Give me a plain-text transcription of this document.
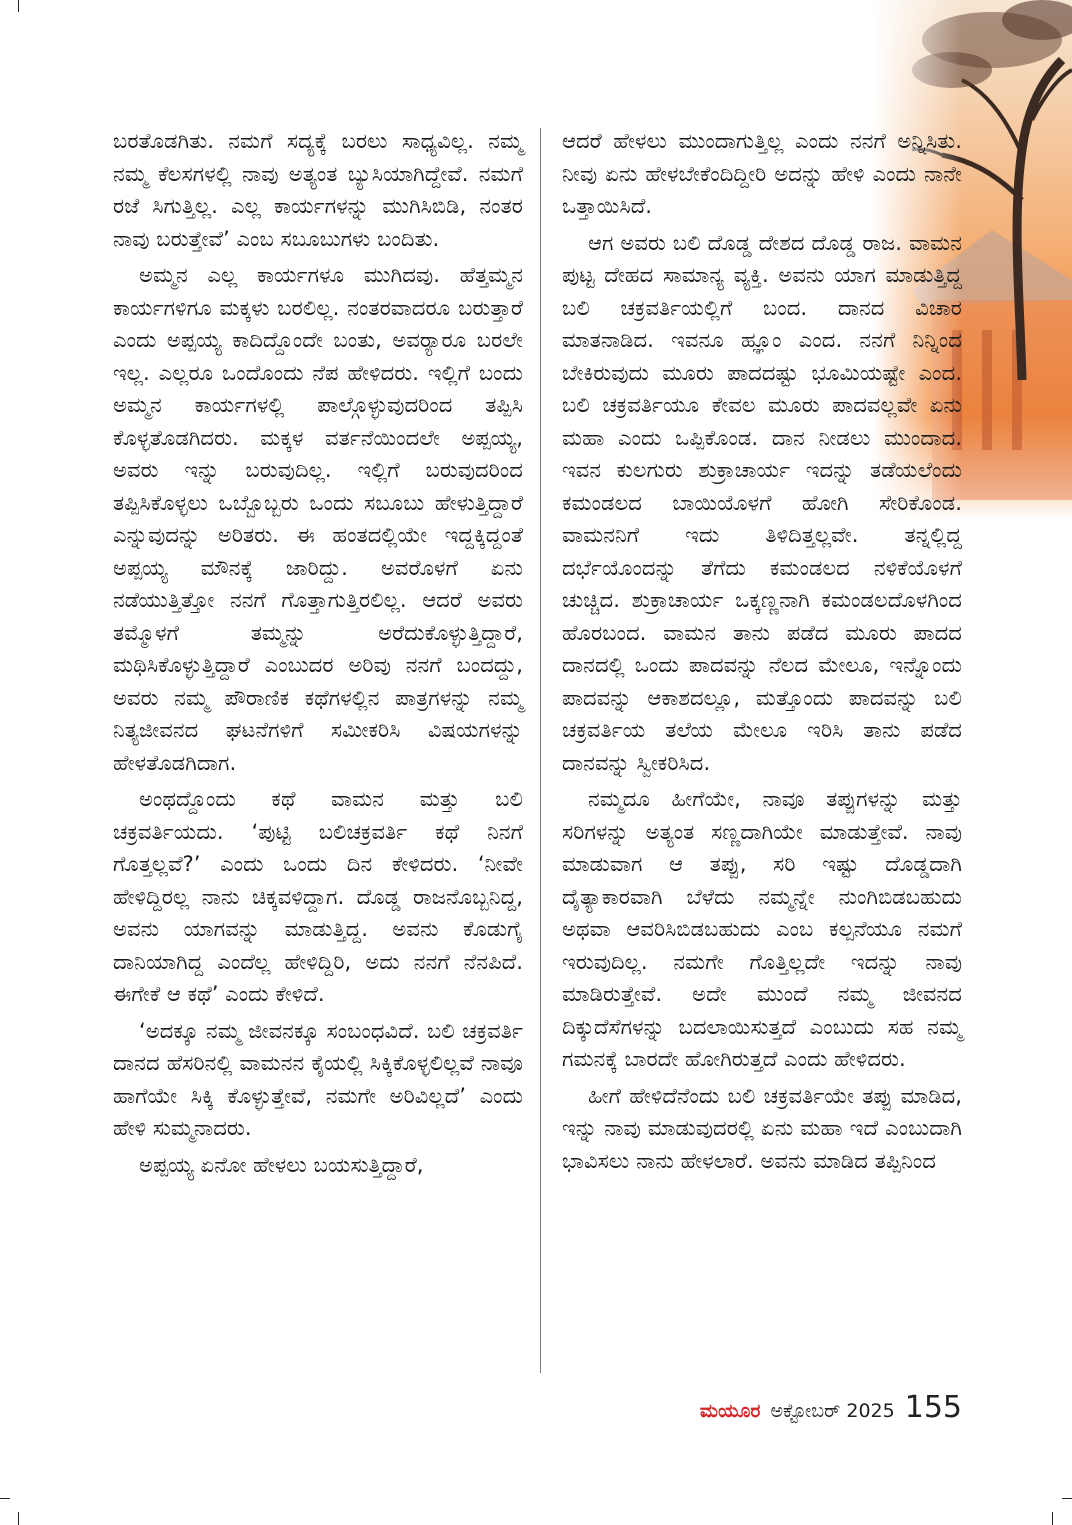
ಬರತೊಡಗಿತು. ನಮಗೆ ಸದ್ಯಕ್ಕೆ ಬರಲು ಸಾಧ್ಯವಿಲ್ಲ. ನಮ್ಮ ನಮ್ಮ ಕೆಲಸಗಳಲ್ಲಿ ನಾವು ಅತ್ಯಂತ ಬ್ಯುಸಿಯಾಗಿದ್ದೇವೆ. ನಮಗೆ ರಜೆ ಸಿಗುತ್ತಿಲ್ಲ. ಎಲ್ಲ ಕಾರ್ಯಗಳನ್ನು ಮುಗಿಸಿಬಿಡಿ, ನಂತರ ನಾವು ಬರುತ್ತೇವೆ’ ಎಂಬ ಸಬೂಬುಗಳು ಬಂದಿತು.

ಅಮ್ಮನ ಎಲ್ಲ ಕಾರ್ಯಗಳೂ ಮುಗಿದವು. ಹೆತ್ತಮ್ಮನ ಕಾರ್ಯಗಳಿಗೂ ಮಕ್ಕಳು ಬರಲಿಲ್ಲ. ನಂತರವಾದರೂ ಬರುತ್ತಾರೆ ಎಂದು ಅಪ್ಪಯ್ಯ ಕಾದಿದ್ದೊಂದೇ ಬಂತು, ಅವರ್‍ಯಾರೂ ಬರಲೇ ಇಲ್ಲ. ಎಲ್ಲರೂ ಒಂದೊಂದು ನೆಪ ಹೇಳಿದರು. ಇಲ್ಲಿಗೆ ಬಂದು ಅಮ್ಮನ ಕಾರ್ಯಗಳಲ್ಲಿ ಪಾಲ್ಗೊಳ್ಳುವುದರಿಂದ ತಪ್ಪಿಸಿ ಕೊಳ್ಳತೊಡಗಿದರು. ಮಕ್ಕಳ ವರ್ತನೆಯಿಂದಲೇ ಅಪ್ಪಯ್ಯ, ಅವರು ಇನ್ನು ಬರುವುದಿಲ್ಲ. ಇಲ್ಲಿಗೆ ಬರುವುದರಿಂದ ತಪ್ಪಿಸಿಕೊಳ್ಳಲು ಒಬ್ಬೊಬ್ಬರು ಒಂದು ಸಬೂಬು ಹೇಳುತ್ತಿದ್ದಾರೆ ಎನ್ನುವುದನ್ನು ಅರಿತರು. ಈ ಹಂತದಲ್ಲಿಯೇ ಇದ್ದಕ್ಕಿದ್ದಂತೆ ಅಪ್ಪಯ್ಯ ಮೌನಕ್ಕೆ ಜಾರಿದ್ದು. ಅವರೊಳಗೆ ಏನು ನಡೆಯುತ್ತಿತ್ತೋ ನನಗೆ ಗೊತ್ತಾಗುತ್ತಿರಲಿಲ್ಲ. ಆದರೆ ಅವರು ತಮ್ಮೊಳಗೆ ತಮ್ಮನ್ನು ಅರೆದುಕೊಳ್ಳುತ್ತಿದ್ದಾರೆ, ಮಥಿಸಿಕೊಳ್ಳುತ್ತಿದ್ದಾರೆ ಎಂಬುದರ ಅರಿವು ನನಗೆ ಬಂದದ್ದು, ಅವರು ನಮ್ಮ ಪೌರಾಣಿಕ ಕಥೆಗಳಲ್ಲಿನ ಪಾತ್ರಗಳನ್ನು ನಮ್ಮ ನಿತ್ಯಜೀವನದ ಘಟನೆಗಳಿಗೆ ಸಮೀಕರಿಸಿ ವಿಷಯಗಳನ್ನು ಹೇಳತೊಡಗಿದಾಗ.

ಅಂಥದ್ದೊಂದು ಕಥೆ ವಾಮನ ಮತ್ತು ಬಲಿ ಚಕ್ರವರ್ತಿಯದು. ‘ಪುಟ್ಟಿ ಬಲಿಚಕ್ರವರ್ತಿ ಕಥೆ ನಿನಗೆ ಗೊತ್ತಲ್ಲವೆ?’ ಎಂದು ಒಂದು ದಿನ ಕೇಳಿದರು. ‘ನೀವೇ ಹೇಳಿದ್ದಿರಲ್ಲ ನಾನು ಚಿಕ್ಕವಳಿದ್ದಾಗ. ದೊಡ್ಡ ರಾಜನೊಬ್ಬನಿದ್ದ, ಅವನು ಯಾಗವನ್ನು ಮಾಡುತ್ತಿದ್ದ. ಅವನು ಕೊಡುಗೈ ದಾನಿಯಾಗಿದ್ದ ಎಂದೆಲ್ಲ ಹೇಳಿದ್ದಿರಿ, ಅದು ನನಗೆ ನೆನಪಿದೆ. ಈಗೇಕೆ ಆ ಕಥೆ’ ಎಂದು ಕೇಳಿದೆ.

‘ಅದಕ್ಕೂ ನಮ್ಮ ಜೀವನಕ್ಕೂ ಸಂಬಂಧವಿದೆ. ಬಲಿ ಚಕ್ರವರ್ತಿ ದಾನದ ಹೆಸರಿನಲ್ಲಿ ವಾಮನನ ಕೈಯಲ್ಲಿ ಸಿಕ್ಕಿಕೊಳ್ಳಲಿಲ್ಲವೆ ನಾವೂ ಹಾಗೆಯೇ ಸಿಕ್ಕಿ ಕೊಳ್ಳುತ್ತೇವೆ, ನಮಗೇ ಅರಿವಿಲ್ಲದೆ’ ಎಂದು ಹೇಳಿ ಸುಮ್ಮನಾದರು.

ಅಪ್ಪಯ್ಯ ಏನೋ ಹೇಳಲು ಬಯಸುತ್ತಿದ್ದಾರೆ,

ಆದರೆ ಹೇಳಲು ಮುಂದಾಗುತ್ತಿಲ್ಲ ಎಂದು ನನಗೆ ಅನ್ನಿಸಿತು. ನೀವು ಏನು ಹೇಳಬೇಕೆಂದಿದ್ದೀರಿ ಅದನ್ನು ಹೇಳಿ ಎಂದು ನಾನೇ ಒತ್ತಾಯಿಸಿದೆ.

ಆಗ ಅವರು ಬಲಿ ದೊಡ್ಡ ದೇಶದ ದೊಡ್ಡ ರಾಜ. ವಾಮನ ಪುಟ್ಟ ದೇಹದ ಸಾಮಾನ್ಯ ವ್ಯಕ್ತಿ. ಅವನು ಯಾಗ ಮಾಡುತ್ತಿದ್ದ ಬಲಿ ಚಕ್ರವರ್ತಿಯಲ್ಲಿಗೆ ಬಂದ. ದಾನದ ವಿಚಾರ ಮಾತನಾಡಿದ. ಇವನೂ ಹ್ಞೂಂ ಎಂದ. ನನಗೆ ನಿನ್ನಿಂದ ಬೇಕಿರುವುದು ಮೂರು ಪಾದದಷ್ಟು ಭೂಮಿಯಷ್ಟೇ ಎಂದ. ಬಲಿ ಚಕ್ರವರ್ತಿಯೂ ಕೇವಲ ಮೂರು ಪಾದವಲ್ಲವೇ ಏನು ಮಹಾ ಎಂದು ಒಪ್ಪಿಕೊಂಡ. ದಾನ ನೀಡಲು ಮುಂದಾದ. ಇವನ ಕುಲಗುರು ಶುಕ್ರಾಚಾರ್ಯ ಇದನ್ನು ತಡೆಯಲೆಂದು ಕಮಂಡಲದ ಬಾಯಿಯೊಳಗೆ ಹೋಗಿ ಸೇರಿಕೊಂಡ. ವಾಮನನಿಗೆ ಇದು ತಿಳಿದಿತ್ತಲ್ಲವೇ. ತನ್ನಲ್ಲಿದ್ದ ದರ್ಭೆಯೊಂದನ್ನು ತೆಗೆದು ಕಮಂಡಲದ ನಳಿಕೆಯೊಳಗೆ ಚುಚ್ಚಿದ. ಶುಕ್ರಾಚಾರ್ಯ ಒಕ್ಕಣ್ಣನಾಗಿ ಕಮಂಡಲದೊಳಗಿಂದ ಹೊರಬಂದ. ವಾಮನ ತಾನು ಪಡೆದ ಮೂರು ಪಾದದ ದಾನದಲ್ಲಿ ಒಂದು ಪಾದವನ್ನು ನೆಲದ ಮೇಲೂ, ಇನ್ನೊಂದು ಪಾದವನ್ನು ಆಕಾಶದಲ್ಲೂ, ಮತ್ತೊಂದು ಪಾದವನ್ನು ಬಲಿ ಚಕ್ರವರ್ತಿಯ ತಲೆಯ ಮೇಲೂ ಇರಿಸಿ ತಾನು ಪಡೆದ ದಾನವನ್ನು ಸ್ವೀಕರಿಸಿದ.

ನಮ್ಮದೂ ಹೀಗೆಯೇ, ನಾವೂ ತಪ್ಪುಗಳನ್ನು ಮತ್ತು ಸರಿಗಳನ್ನು ಅತ್ಯಂತ ಸಣ್ಣದಾಗಿಯೇ ಮಾಡುತ್ತೇವೆ. ನಾವು ಮಾಡುವಾಗ ಆ ತಪ್ಪು, ಸರಿ ಇಷ್ಟು ದೊಡ್ಡದಾಗಿ ದೈತ್ಯಾಕಾರವಾಗಿ ಬೆಳೆದು ನಮ್ಮನ್ನೇ ನುಂಗಿಬಿಡಬಹುದು ಅಥವಾ ಆವರಿಸಿಬಿಡಬಹುದು ಎಂಬ ಕಲ್ಪನೆಯೂ ನಮಗೆ ಇರುವುದಿಲ್ಲ. ನಮಗೇ ಗೊತ್ತಿಲ್ಲದೇ ಇದನ್ನು ನಾವು ಮಾಡಿರುತ್ತೇವೆ. ಅದೇ ಮುಂದೆ ನಮ್ಮ ಜೀವನದ ದಿಕ್ಕುದೆಸೆಗಳನ್ನು ಬದಲಾಯಿಸುತ್ತದೆ ಎಂಬುದು ಸಹ ನಮ್ಮ ಗಮನಕ್ಕೆ ಬಾರದೇ ಹೋಗಿರುತ್ತದೆ ಎಂದು ಹೇಳಿದರು.

ಹೀಗೆ ಹೇಳಿದೆನೆಂದು ಬಲಿ ಚಕ್ರವರ್ತಿಯೇ ತಪ್ಪು ಮಾಡಿದ, ಇನ್ನು ನಾವು ಮಾಡುವುದರಲ್ಲಿ ಏನು ಮಹಾ ಇದೆ ಎಂಬುದಾಗಿ ಭಾವಿಸಲು ನಾನು ಹೇಳಲಾರೆ. ಅವನು ಮಾಡಿದ ತಪ್ಪಿನಿಂದ

ಮಯೂರ ಅಕ್ಟೋಬರ್ 2025 155
